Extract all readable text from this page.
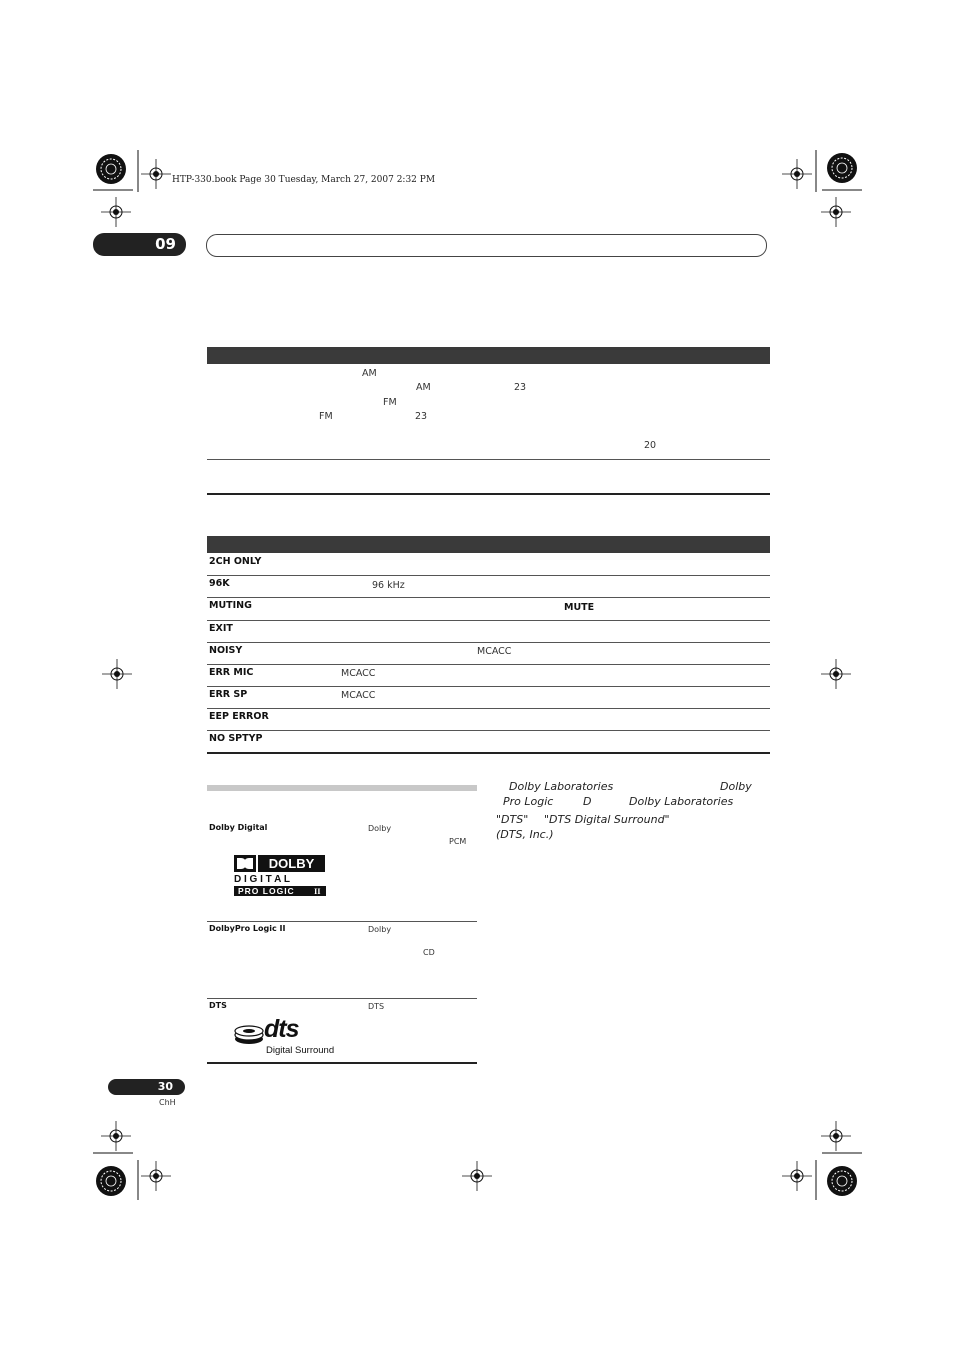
HTP-330.book Page 30 Tuesday, March 27, 2007 2:32 PM
09
AM
AM	23
FM
FM	23
20
2CH ONLY
96K	96 kHz
MUTING	MUTE
EXIT
NOISY	MCACC
ERR MIC	MCACC
ERR SP	MCACC
EEP ERROR
NO SPTYP
Dolby Digital	Dolby
PCM
DOLBY
D I G I T A L
PRO LOGIC II
DolbyPro Logic II	Dolby
CD
DTS	DTS
dts
Digital Surround
Dolby Laboratories	Dolby
Pro Logic	D	Dolby Laboratories
"DTS" "DTS Digital Surround"
(DTS, Inc.)
30
ChH
